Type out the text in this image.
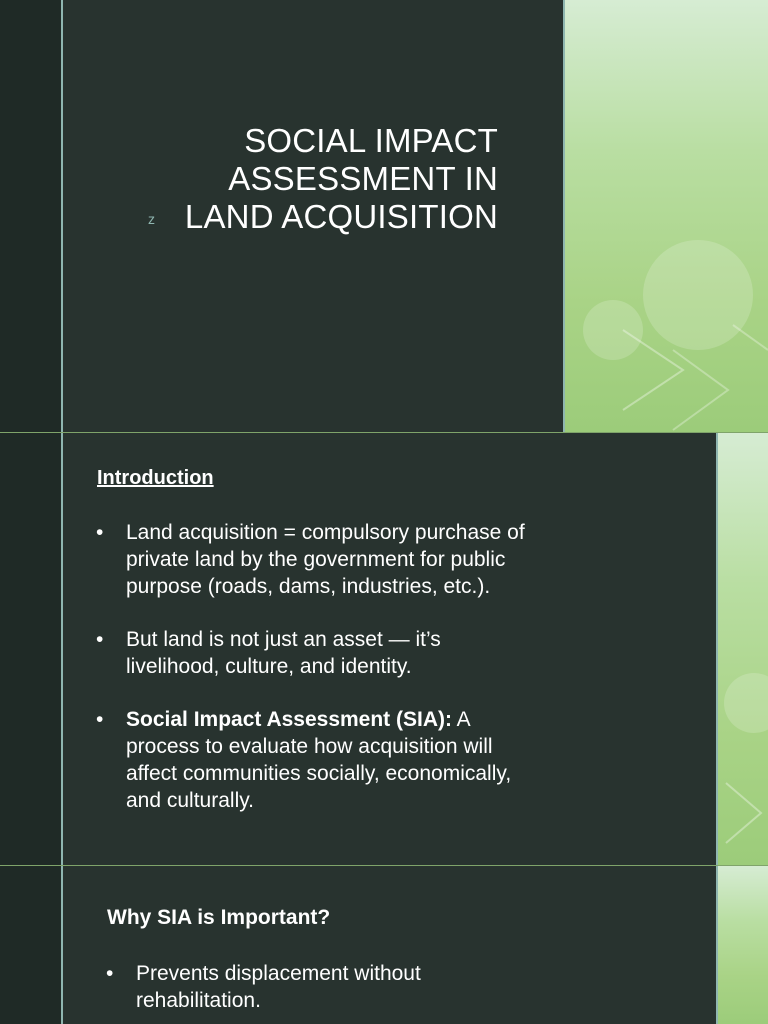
z
SOCIAL IMPACT
ASSESSMENT IN
LAND ACQUISITION
Introduction
• Land acquisition = compulsory purchase of private land by the government for public purpose (roads, dams, industries, etc.).
• But land is not just an asset — it’s livelihood, culture, and identity.
• Social Impact Assessment (SIA): A process to evaluate how acquisition will affect communities socially, economically, and culturally.
Why SIA is Important?
• Prevents displacement without rehabilitation.
